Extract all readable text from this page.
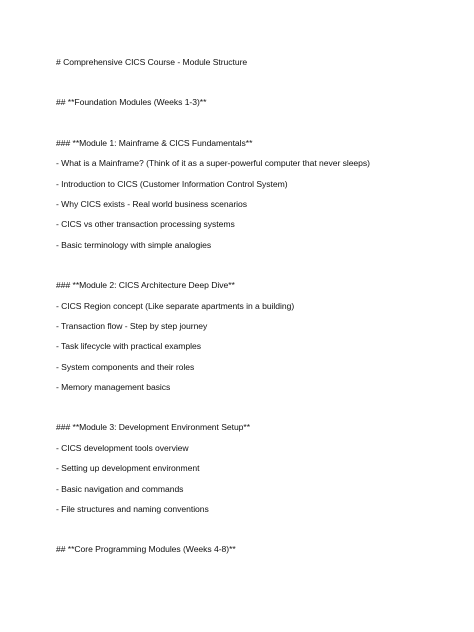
# Comprehensive CICS Course - Module Structure
## **Foundation Modules (Weeks 1-3)**
### **Module 1: Mainframe & CICS Fundamentals**
- What is a Mainframe? (Think of it as a super-powerful computer that never sleeps)
- Introduction to CICS (Customer Information Control System)
- Why CICS exists - Real world business scenarios
- CICS vs other transaction processing systems
- Basic terminology with simple analogies
### **Module 2: CICS Architecture Deep Dive**
- CICS Region concept (Like separate apartments in a building)
- Transaction flow - Step by step journey
- Task lifecycle with practical examples
- System components and their roles
- Memory management basics
### **Module 3: Development Environment Setup**
- CICS development tools overview
- Setting up development environment
- Basic navigation and commands
- File structures and naming conventions
## **Core Programming Modules (Weeks 4-8)**
